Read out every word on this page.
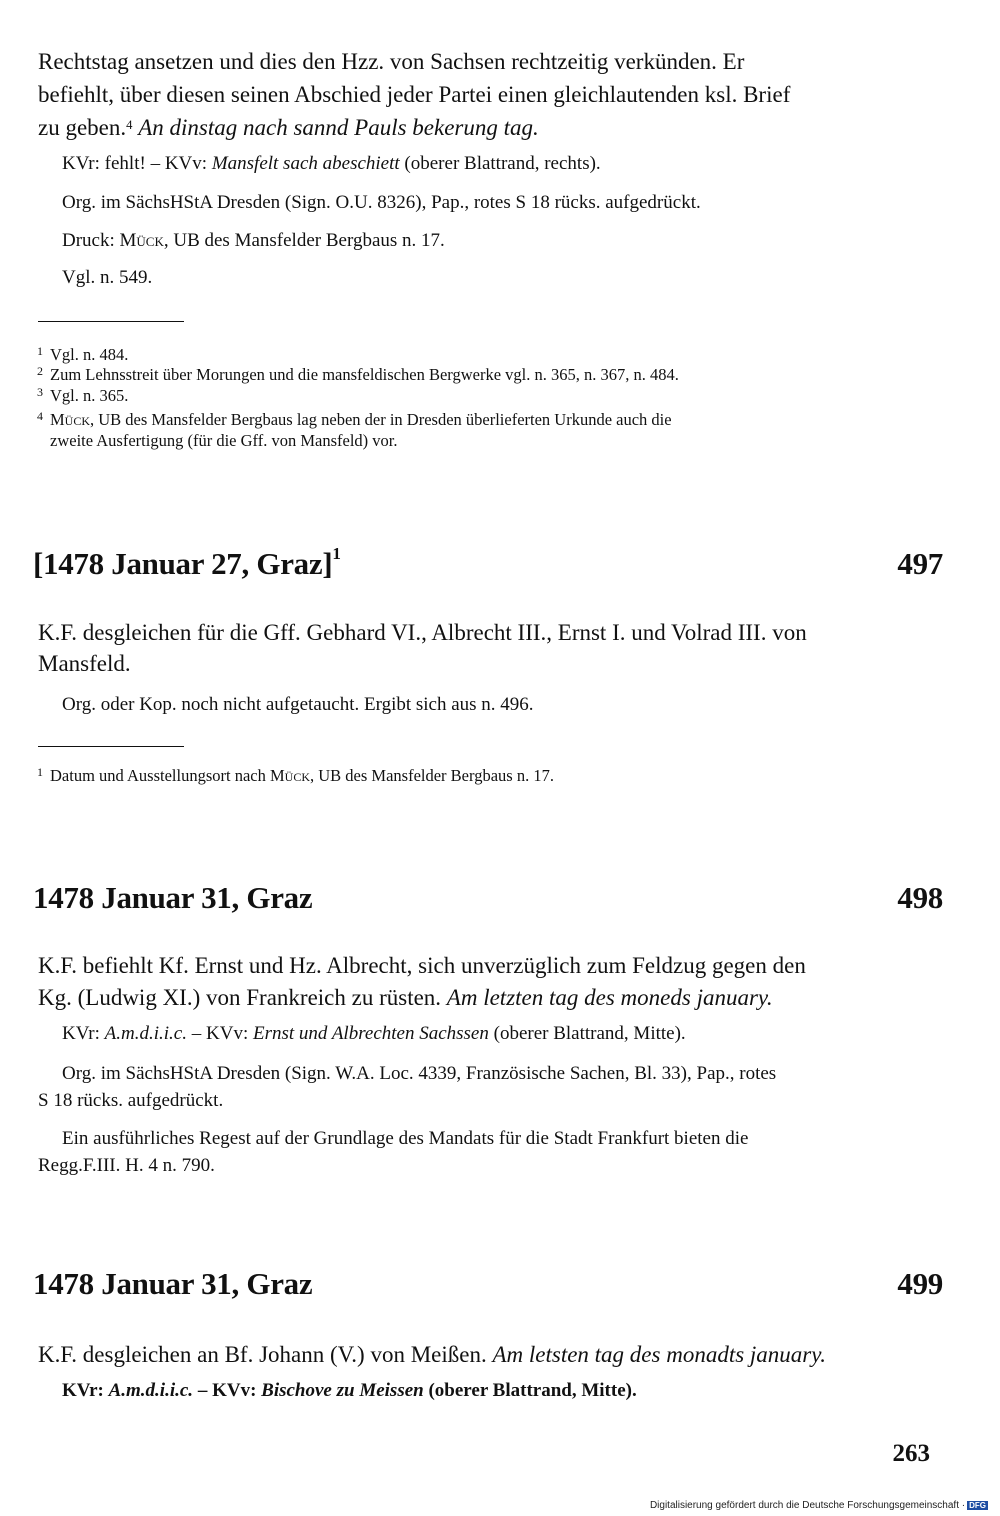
Rechtstag ansetzen und dies den Hzz. von Sachsen rechtzeitig verkünden. Er

befiehlt, über diesen seinen Abschied jeder Partei einen gleichlautenden ksl. Brief

zu geben.$^4$ An dinstag nach sannd Pauls bekerung tag.

KVr: fehlt! – KVv: Mansfelt sach abeschiett (oberer Blattrand, rechts).

Org. im SächsHStA Dresden (Sign. O.U. 8326), Pap., rotes S 18 rücks. aufgedrückt.

Druck: Mück, UB des Mansfelder Bergbaus n. 17.

Vgl. n. 549.

1 Vgl. n. 484.

2 Zum Lehnsstreit über Morungen und die mansfeldischen Bergwerke vgl. n. 365, n. 367, n. 484.

3 Vgl. n. 365.

4 Mück, UB des Mansfelder Bergbaus lag neben der in Dresden überlieferten Urkunde auch die

zweite Ausfertigung (für die Gff. von Mansfeld) vor.

[1478 Januar 27, Graz]$^1$	497

K.F. desgleichen für die Gff. Gebhard VI., Albrecht III., Ernst I. und Volrad III. von

Mansfeld.

Org. oder Kop. noch nicht aufgetaucht. Ergibt sich aus n. 496.

1 Datum und Ausstellungsort nach Mück, UB des Mansfelder Bergbaus n. 17.

1478 Januar 31, Graz	498

K.F. befiehlt Kf. Ernst und Hz. Albrecht, sich unverzüglich zum Feldzug gegen den

Kg. (Ludwig XI.) von Frankreich zu rüsten. Am letzten tag des moneds january.

KVr: A.m.d.i.i.c. – KVv: Ernst und Albrechten Sachssen (oberer Blattrand, Mitte).

Org. im SächsHStA Dresden (Sign. W.A. Loc. 4339, Französische Sachen, Bl. 33), Pap., rotes
S 18 rücks. aufgedrückt.

Ein ausführliches Regest auf der Grundlage des Mandats für die Stadt Frankfurt bieten die
Regg.F.III. H. 4 n. 790.

1478 Januar 31, Graz	499

K.F. desgleichen an Bf. Johann (V.) von Meißen. Am letsten tag des monadts january.

KVr: A.m.d.i.i.c. – KVv: Bischove zu Meissen (oberer Blattrand, Mitte).

263
Digitalisierung gefördert durch die Deutsche Forschungsgemeinschaft · DFG
